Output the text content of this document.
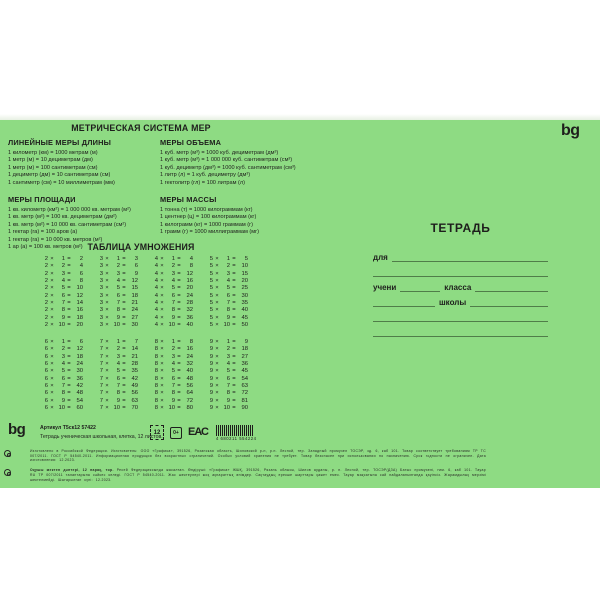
МЕТРИЧЕСКАЯ СИСТЕМА МЕР
ЛИНЕЙНЫЕ МЕРЫ ДЛИНЫ
1 километр (км) = 1000 метрам (м)
1 метр (м) = 10 дециметрам (дм)
1 метр (м) = 100 сантиметрам (см)
1 дециметр (дм) = 10 сантиметрам (см)
1 сантиметр (см) = 10 миллиметрам (мм)
МЕРЫ ПЛОЩАДИ
1 кв. километр (км²) = 1 000 000 кв. метрам (м²)
1 кв. метр (м²) = 100 кв. дециметрам (дм²)
1 кв. метр (м²) = 10 000 кв. сантиметрам (см²)
1 гектар (га) = 100 аров (а)
1 гектар (га) = 10 000 кв. метров (м²)
1 ар (а) = 100 кв. метров (м²)
МЕРЫ ОБЪЕМА
1 куб. метр (м³) = 1000 куб. дециметрам (дм³)
1 куб. метр (м³) = 1 000 000 куб. сантиметрам (см³)
1 куб. дециметр (дм³) = 1000 куб. сантиметрам (см³)
1 литр (л) = 1 куб. дециметру (дм³)
1 гектолитр (гл) = 100 литрам (л)
МЕРЫ МАССЫ
1 тонна (т) = 1000 килограммам (кг)
1 центнер (ц) = 100 килограммам (кг)
1 килограмм (кг) = 1000 граммам (г)
1 грамм (г) = 1000 миллиграммам (мг)
ТАБЛИЦА УМНОЖЕНИЯ
2 ×	1 =	2
2 ×	2 =	4
2 ×	3 =	6
2 ×	4 =	8
2 ×	5 = 10
2 ×	6 = 12
2 ×	7 = 14
2 ×	8 = 16
2 ×	9 = 18
2 × 10 = 20
3 ×	1 =	3
3 ×	2 =	6
3 ×	3 =	9
3 ×	4 = 12
3 ×	5 = 15
3 ×	6 = 18
3 ×	7 = 21
3 ×	8 = 24
3 ×	9 = 27
3 × 10 = 30
4 ×	1 =	4
4 ×	2 =	8
4 ×	3 = 12
4 ×	4 = 16
4 ×	5 = 20
4 ×	6 = 24
4 ×	7 = 28
4 ×	8 = 32
4 ×	9 = 36
4 × 10 = 40
5 ×	1 =	5
5 ×	2 = 10
5 ×	3 = 15
5 ×	4 = 20
5 ×	5 = 25
5 ×	6 = 30
5 ×	7 = 35
5 ×	8 = 40
5 ×	9 = 45
5 × 10 = 50
6 ×	1 =	6
6 ×	2 = 12
6 ×	3 = 18
6 ×	4 = 24
6 ×	5 = 30
6 ×	6 = 36
6 ×	7 = 42
6 ×	8 = 48
6 ×	9 = 54
6 × 10 = 60
7 ×	1 =	7
7 ×	2 = 14
7 ×	3 = 21
7 ×	4 = 28
7 ×	5 = 35
7 ×	6 = 42
7 ×	7 = 49
7 ×	8 = 56
7 ×	9 = 63
7 × 10 = 70
8 ×	1 =	8
8 ×	2 = 16
8 ×	3 = 24
8 ×	4 = 32
8 ×	5 = 40
8 ×	6 = 48
8 ×	7 = 56
8 ×	8 = 64
8 ×	9 = 72
8 × 10 = 80
9 ×	1 =	9
9 ×	2 = 18
9 ×	3 = 27
9 ×	4 = 36
9 ×	5 = 45
9 ×	6 = 54
9 ×	7 = 63
9 ×	8 = 72
9 ×	9 = 81
9 × 10 = 90
bg
ТЕТРАДЬ
для
учени	класса
школы
bg	Артикул Т5ск12 57422
Тетрадь ученическая школьная, клетка, 12 листов.
12	0+ ЕАС
4 680211 554224

Изготовлено в Российской Федерации. Изготовитель: ООО «Графика», 391526, Рязанская область, Шиловский р-н, р.п. Лесной, тер. Западный промузел ТОСЭР, зд. 6, каб 101. Товар соответствует требованиям ТР ТС 007/2011. ГОСТ Р 54540-2011. Информационная продукция без возрастных ограничений. Особых условий хранения не требует. Товар безопасен при использовании по назначению. Срок годности не ограничен. Дата изготовления: 12.2023.

Оқушы мектеп дәптері, 12 парақ, тор. Ресей Федерациясында жасалған. Өндіруші: «Графика» ЖШҚ, 391526, Рязань облысы, Шилов ауданы, р. п. Лесной, тер. ТОСЭР(ДЗА) Батыс промузелі, ғим. 6, каб 101. Тауар RU ТР 007/2011 талаптарына сәйкес келеді. ГОСТ Р 54540-2011. Жас шектеулері жоқ ақпараттық өнімдер. Сақтаудың ерекше шарттары қажет емес. Тауар мақсатына сай пайдаланылғанда қауіпсіз. Жарамдылық мерзімі шектелмейді. Шығарылған күні: 12.2023.
